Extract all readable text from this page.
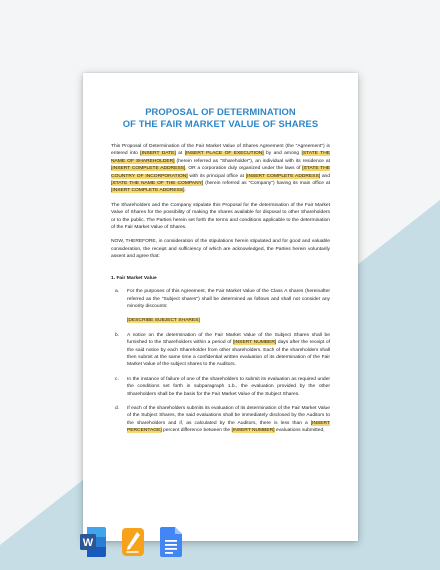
PROPOSAL OF DETERMINATION
OF THE FAIR MARKET VALUE OF SHARES

This Proposal of Determination of the Fair Market Value of Shares Agreement (the "Agreement") is entered into [INSERT DATE] at [INSERT PLACE OF EXECUTION] by and among [STATE THE NAME OF SHAREHOLDER] (herein referred as "Shareholder"), an individual with its residence at [INSERT COMPLETE ADDRESS], OR a corporation duly organized under the laws of [STATE THE COUNTRY OF INCORPORATION] with its principal office at [INSERT COMPLETE ADDRESS] and [STATE THE NAME OF THE COMPANY] (herein referred as "Company") having its main office at [INSERT COMPLETE ADDRESS].

The Shareholders and the Company stipulate this Proposal for the determination of the Fair Market Value of Shares for the possibility of making the shares available for disposal to other Shareholders or to the public. The Parties herein set forth the terms and conditions applicable to the determination of the Fair Market Value of Shares.

NOW, THEREFORE, in consideration of the stipulations herein stipulated and for good and valuable consideration, the receipt and sufficiency of which are acknowledged, the Parties herein voluntarily assent and agree that:

1. Fair Market Value
a.	For the purposes of this Agreement, the Fair Market Value of the Class A shares (hereinafter referred as the "Subject shares") shall be determined as follows and shall not consider any minority discounts:
[DESCRIBE SUBJECT SHARES]
b.	A notice on the determination of the Fair Market Value of the Subject Shares shall be furnished to the Shareholders within a period of [INSERT NUMBER] days after the receipt of the said notice by each Shareholder from other shareholders. Each of the shareholders shall then submit at the same time a confidential written evaluation of its determination of the Fair Market Value of the subject shares to the Auditors.
c.	In the instance of failure of one of the shareholders to submit its evaluation as required under the conditions set forth in subparagraph 1.b., the evaluation provided by the other Shareholders shall be the basis for the Fair Market Value of the Subject Shares.
d.	If each of the shareholders submits its evaluation of its determination of the Fair Market Value of the Subject Shares, the said evaluations shall be immediately disclosed by the Auditors to the shareholders and if, as calculated by the Auditors, there is less than a [INSERT PERCENTAGE] percent difference between the [INSERT NUMBER] evaluations submitted,
W
